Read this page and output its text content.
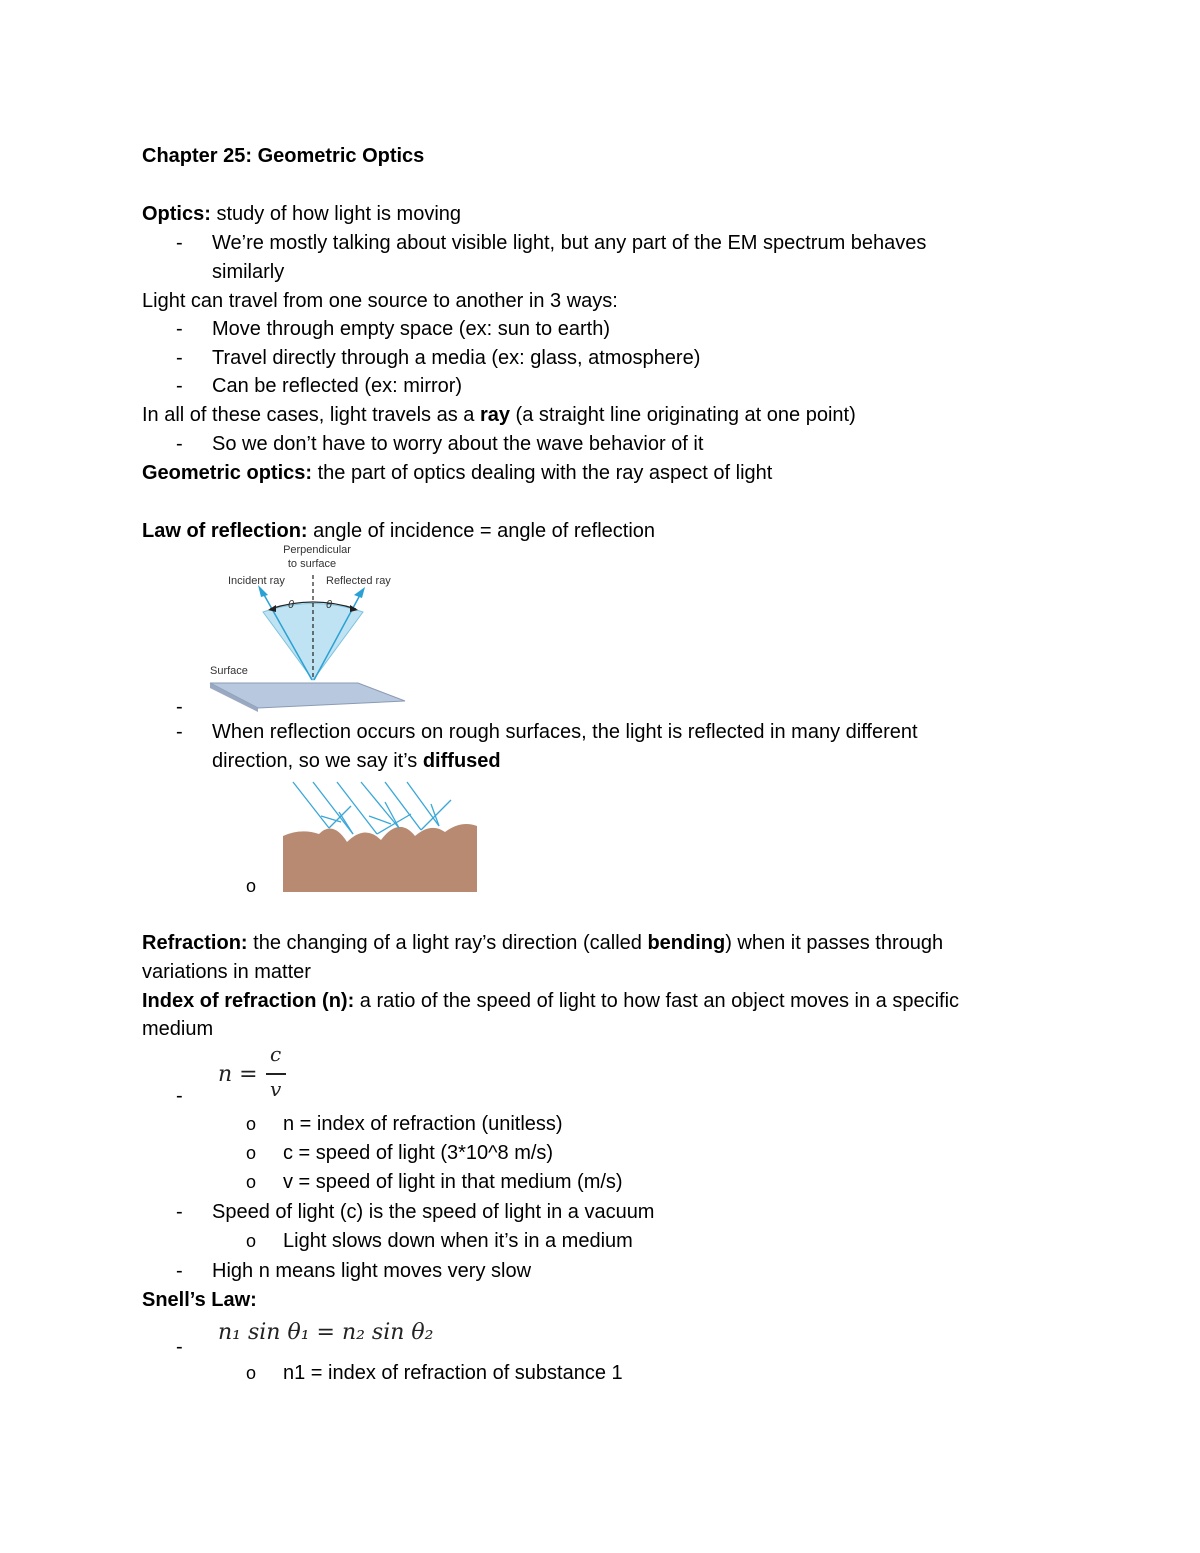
Chapter 25: Geometric Optics
Optics: study of how light is moving
- We’re mostly talking about visible light, but any part of the EM spectrum behaves
similarly
Light can travel from one source to another in 3 ways:
- Move through empty space (ex: sun to earth)
- Travel directly through a media (ex: glass, atmosphere)
- Can be reflected (ex: mirror)
In all of these cases, light travels as a ray (a straight line originating at one point)
- So we don’t have to worry about the wave behavior of it
Geometric optics: the part of optics dealing with the ray aspect of light
Law of reflection: angle of incidence = angle of reflection
Perpendicular
to surface
Incident ray	Reflected ray
θ	θ
Surface
-
- When reflection occurs on rough surfaces, the light is reflected in many different
direction, so we say it’s diffused
o
Refraction: the changing of a light ray’s direction (called bending) when it passes through
variations in matter
Index of refraction (n): a ratio of the speed of light to how fast an object moves in a specific
medium
n =
c
v
-
o n = index of refraction (unitless)
o c = speed of light (3*10^8 m/s)
o v = speed of light in that medium (m/s)
- Speed of light (c) is the speed of light in a vacuum
o Light slows down when it’s in a medium
- High n means light moves very slow
Snell’s Law:
n₁ sin θ₁ = n₂ sin θ₂
-
o n1 = index of refraction of substance 1
